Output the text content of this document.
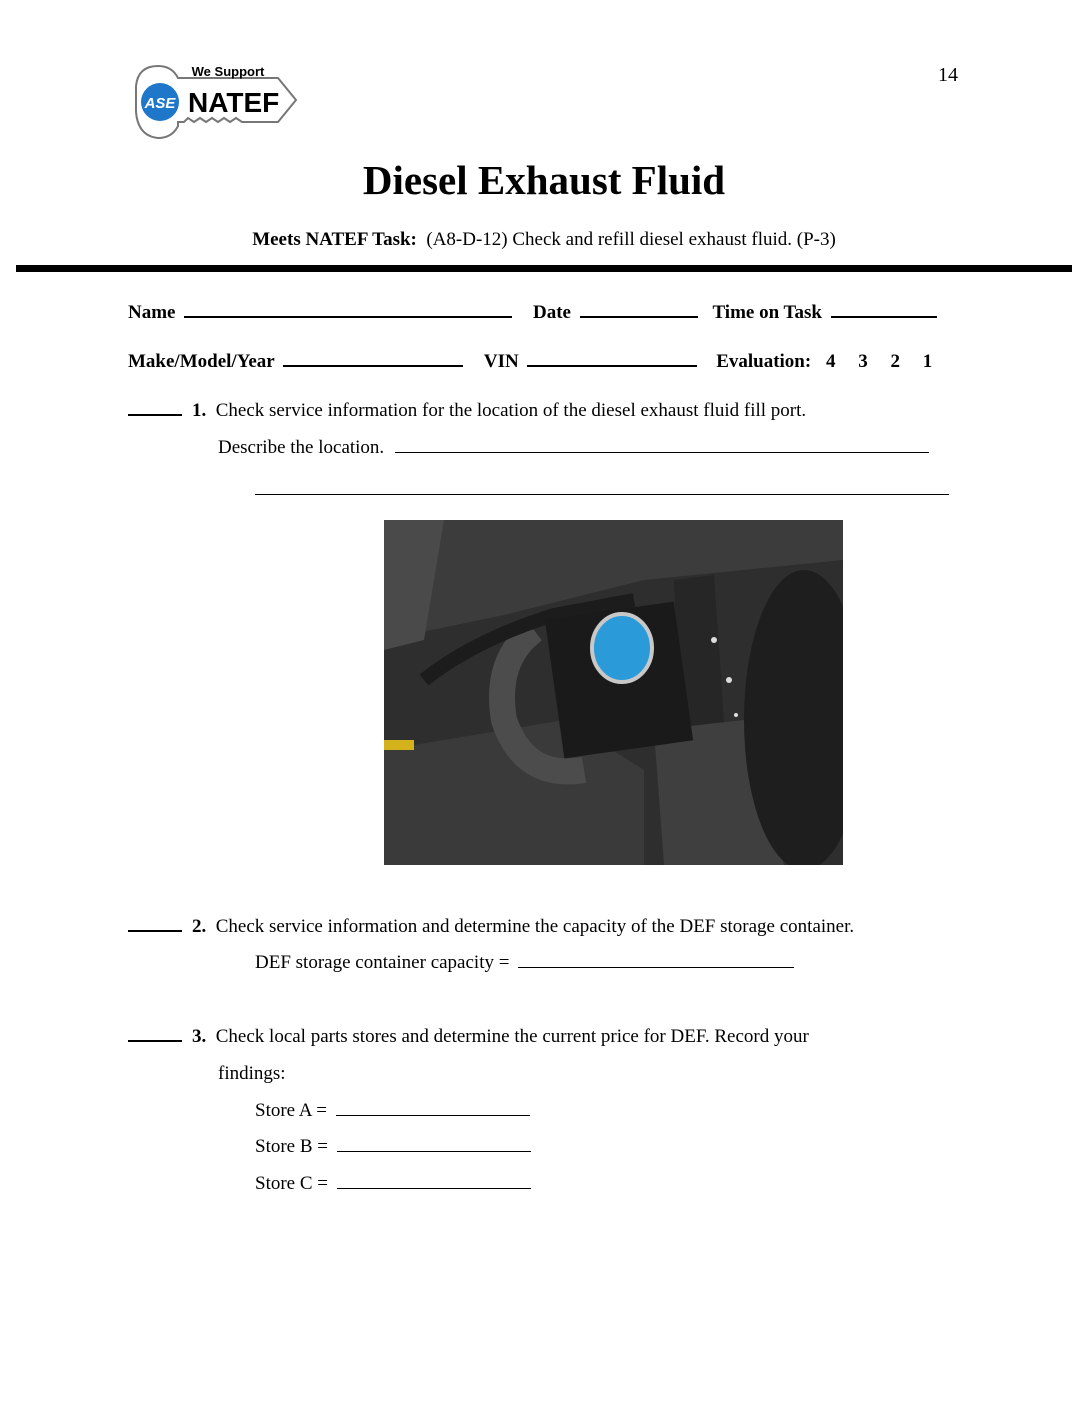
14
ASE
We Support
NATEF
Diesel Exhaust Fluid
Meets NATEF Task: (A8-D-12) Check and refill diesel exhaust fluid. (P-3)
Name	Date	Time on Task
Make/Model/Year	VIN	Evaluation: 4 3 2 1
1. Check service information for the location of the diesel exhaust fluid fill port.
Describe the location.
2. Check service information and determine the capacity of the DEF storage container.
DEF storage container capacity =
3. Check local parts stores and determine the current price for DEF. Record your
findings:
Store A =
Store B =
Store C =
